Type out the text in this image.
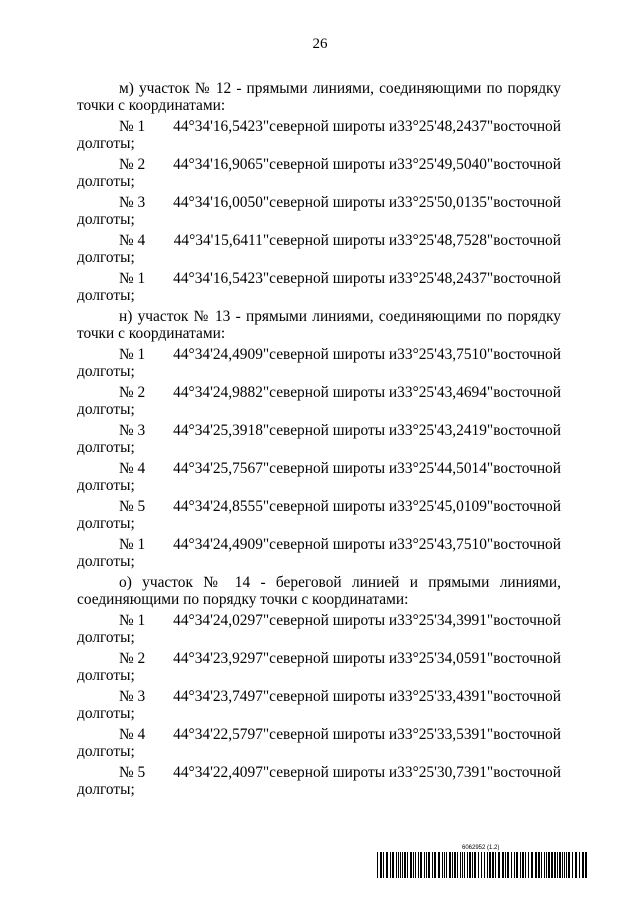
26
м) участок № 12 - прямыми линиями, соединяющими по порядку точки с координатами:
№ 1	44°34'16,5423" северной широты и 33°25'48,2437" восточной
долготы;
№ 2	44°34'16,9065" северной широты и 33°25'49,5040" восточной
долготы;
№ 3	44°34'16,0050" северной широты и 33°25'50,0135" восточной
долготы;
№ 4	44°34'15,6411" северной широты и 33°25'48,7528" восточной
долготы;
№ 1	44°34'16,5423" северной широты и 33°25'48,2437" восточной
долготы;
н) участок № 13 - прямыми линиями, соединяющими по порядку точки с координатами:
№ 1	44°34'24,4909" северной широты и 33°25'43,7510" восточной
долготы;
№ 2	44°34'24,9882" северной широты и 33°25'43,4694" восточной
долготы;
№ 3	44°34'25,3918" северной широты и 33°25'43,2419" восточной
долготы;
№ 4	44°34'25,7567" северной широты и 33°25'44,5014" восточной
долготы;
№ 5	44°34'24,8555" северной широты и 33°25'45,0109" восточной
долготы;
№ 1	44°34'24,4909" северной широты и 33°25'43,7510" восточной
долготы;
о) участок № 14 - береговой линией и прямыми линиями, соединяющими по порядку точки с координатами:
№ 1	44°34'24,0297" северной широты и 33°25'34,3991" восточной
долготы;
№ 2	44°34'23,9297" северной широты и 33°25'34,0591" восточной
долготы;
№ 3	44°34'23,7497" северной широты и 33°25'33,4391" восточной
долготы;
№ 4	44°34'22,5797" северной широты и 33°25'33,5391" восточной
долготы;
№ 5	44°34'22,4097" северной широты и 33°25'30,7391" восточной
долготы;
6062952 (1.2)
